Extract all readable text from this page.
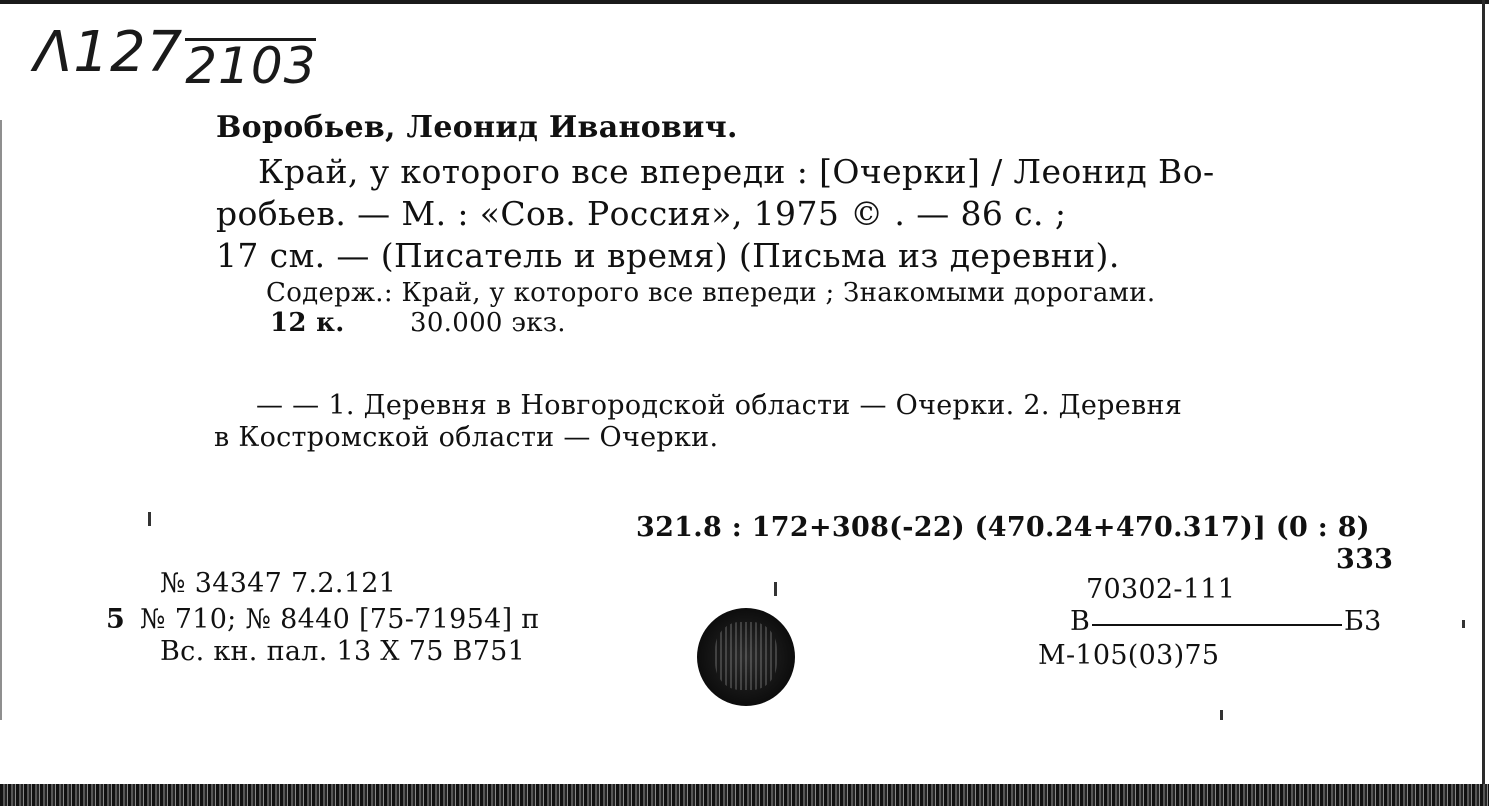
Λ1272103
Воробьев, Леонид Иванович.
Край, у которого все впереди : [Очерки] / Леонид Во-
робьев. — М. : «Сов. Россия», 1975 © . — 86 с. ;
17 см. — (Писатель и время) (Письма из деревни).
Содерж.: Край, у которого все впереди ; Знакомыми дорогами.
12 к.	30.000 экз.
— — 1. Деревня в Новгородской области — Очерки. 2. Деревня
в Костромской области — Очерки.
321.8 : 172+308(-22) (470.24+470.317)] (0 : 8)
333
№ 34347 7.2.121
5 № 710; № 8440 [75-71954] п
Вс. кн. пал. 13 Х 75 В751
70302-111
В	Б3
М-105(03)75
